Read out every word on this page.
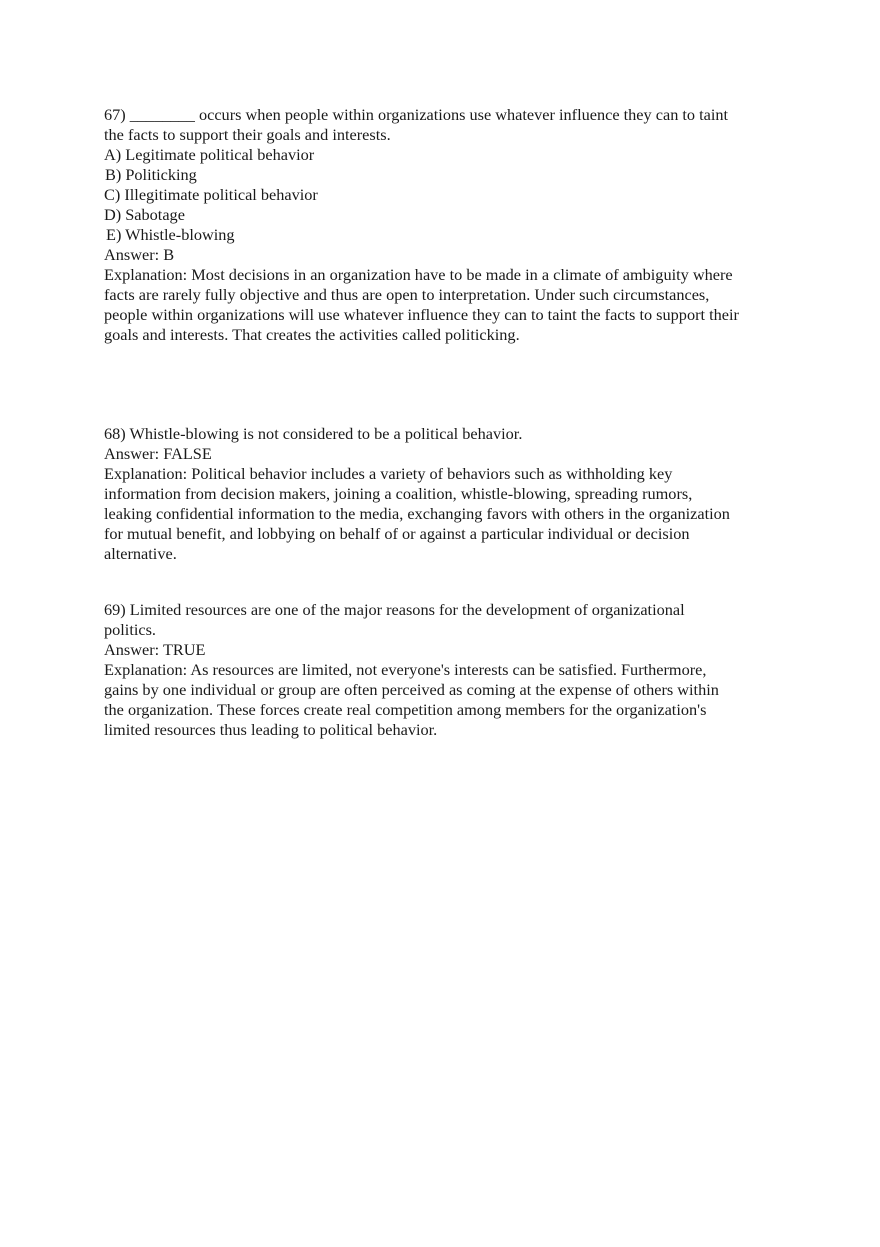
67) ________ occurs when people within organizations use whatever influence they can to taint
the facts to support their goals and interests.
A) Legitimate political behavior
B) Politicking
C) Illegitimate political behavior
D) Sabotage
E) Whistle-blowing
Answer: B
Explanation: Most decisions in an organization have to be made in a climate of ambiguity where
facts are rarely fully objective and thus are open to interpretation. Under such circumstances,
people within organizations will use whatever influence they can to taint the facts to support their
goals and interests. That creates the activities called politicking.
68) Whistle-blowing is not considered to be a political behavior.
Answer: FALSE
Explanation: Political behavior includes a variety of behaviors such as withholding key
information from decision makers, joining a coalition, whistle-blowing, spreading rumors,
leaking confidential information to the media, exchanging favors with others in the organization
for mutual benefit, and lobbying on behalf of or against a particular individual or decision
alternative.
69) Limited resources are one of the major reasons for the development of organizational
politics.
Answer: TRUE
Explanation: As resources are limited, not everyone's interests can be satisfied. Furthermore,
gains by one individual or group are often perceived as coming at the expense of others within
the organization. These forces create real competition among members for the organization's
limited resources thus leading to political behavior.
